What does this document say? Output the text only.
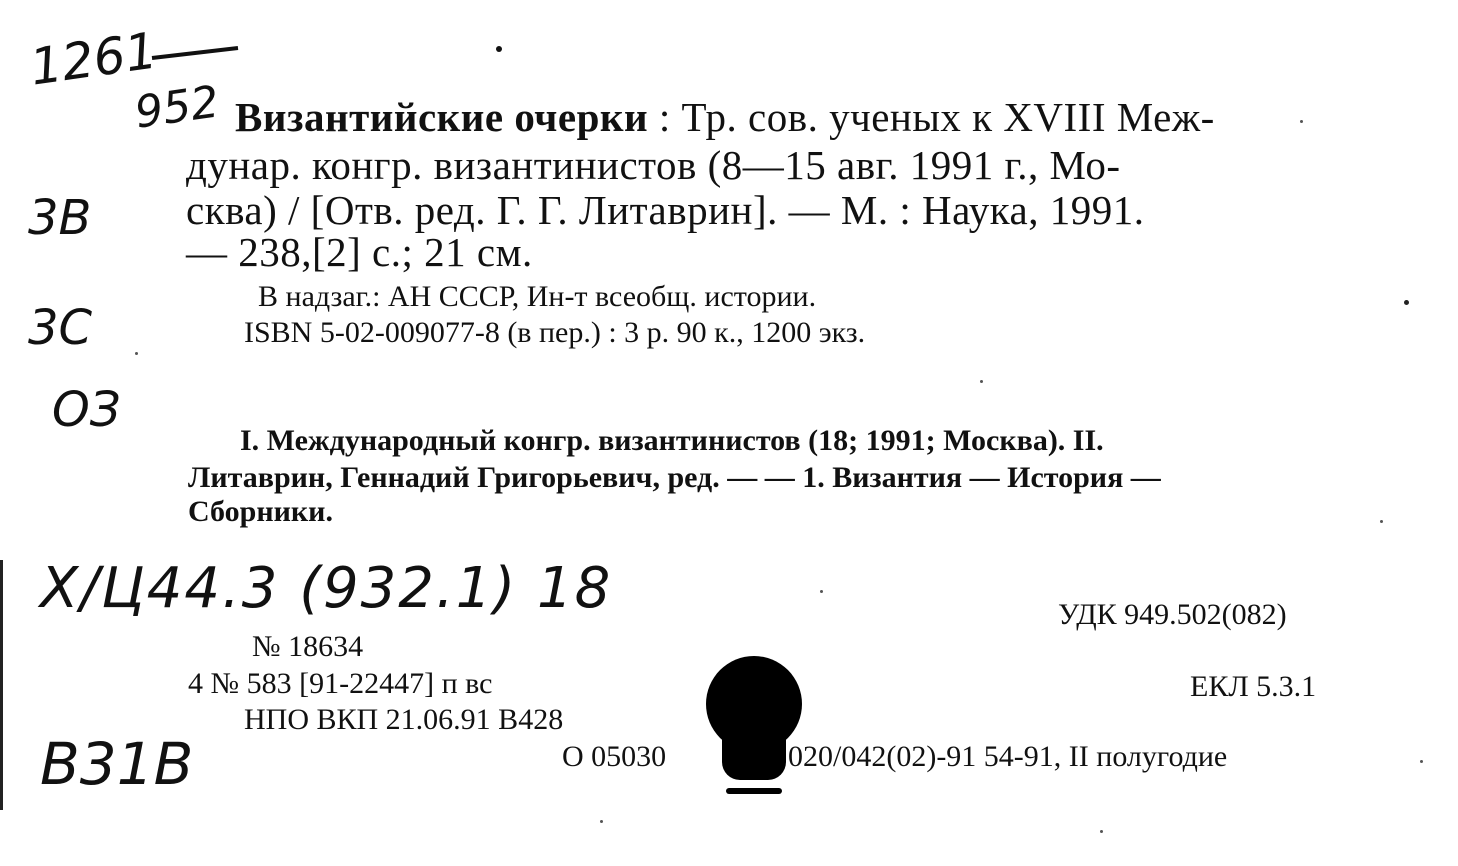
1261
952
3В
3С
ОЗ
Византийские очерки : Тр. сов. ученых к XVIII Меж-
дунар. конгр. византинистов (8—15 авг. 1991 г., Мо-
сква) / [Отв. ред. Г. Г. Литаврин]. — М. : Наука, 1991.
— 238,[2] с.; 21 см.
В надзаг.: АН СССР, Ин-т всеобщ. истории.
ISBN 5-02-009077-8 (в пер.) : 3 р. 90 к., 1200 экз.
I. Международный конгр. византинистов (18; 1991; Москва). II.
Литаврин, Геннадий Григорьевич, ред. — — 1. Византия — История —
Сборники.
Х/Ц44.3 (932.1) 18	УДК 949.502(082)
№ 18634
4 № 583 [91-22447] п вс	ЕКЛ 5.3.1
НПО ВКП 21.06.91 В428
О 05030	020/042(02)-91 54-91, II полугодие
В31В
